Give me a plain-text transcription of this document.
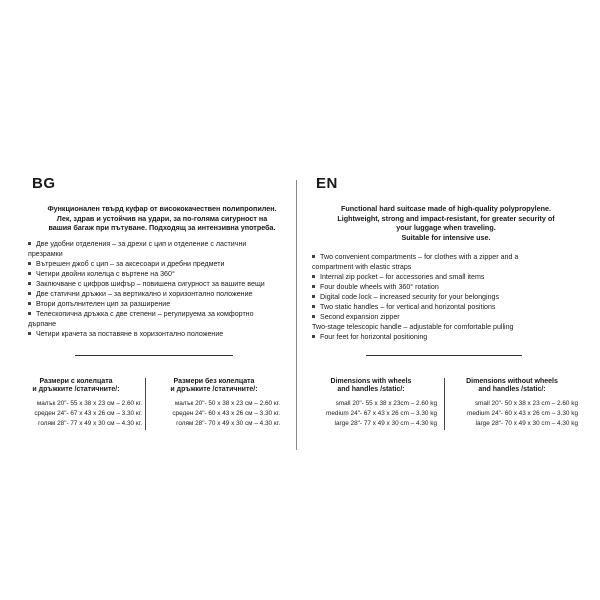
BG
Функционален твърд куфар от висококачествен полипропилен.
Лек, здрав и устойчив на удари, за по-голяма сигурност на
вашия багаж при пътуване. Подходящ за интензивна употреба.
Две удобни отделения – за дрехи с цип и отделение с ластични
презрамки
Вътрешен джоб с цип – за аксесоари и дребни предмети
Четири двойни колелца с въртене на 360°
Заключване с цифров шифър – повишена сигурност за вашите вещи
Две статични дръжки – за вертикално и хоризонтално положение
Втори допълнителен цип за разширение
Телескопична дръжка с две степени – регулируема за комфортно
дърпане
Четири крачета за поставяне в хоризонтално положение
Размери с колелцата
и дръжките /статичните/:
малък 20"- 55 x 38 x 23 см – 2.60 кг.
среден 24"- 67 x 43 x 26 см – 3.30 кг.
голям 28"- 77 x 49 x 30 см – 4.30 кг.
Размери без колелцата
и дръжките /статичните/:
малък 20"- 50 x 38 x 23 см – 2.60 кг.
среден 24"- 60 x 43 x 26 см – 3.30 кг.
голям 28"- 70 x 49 x 30 см – 4.30 кг.
EN
Functional hard suitcase made of high-quality polypropylene.
Lightweight, strong and impact-resistant, for greater security of
your luggage when traveling.
Suitable for intensive use.
Two convenient compartments – for clothes with a zipper and a
compartment with elastic straps
Internal zip pocket – for accessories and small items
Four double wheels with 360° rotation
Digital code lock – increased security for your belongings
Two static handles – for vertical and horizontal positions
Second expansion zipper
Two-stage telescopic handle – adjustable for comfortable pulling
Four feet for horizontal positioning
Dimensions with wheels
and handles /static/:
small 20"- 55 x 38 x 23cm – 2.60 kg
medium 24"- 67 x 43 x 26 cm – 3.30 kg
large 28"- 77 x 49 x 30 cm – 4.30 kg
Dimensions without wheels
and handles /static/:
small 20"- 50 x 38 x 23 cm – 2.60 kg
medium 24"- 60 x 43 x 26 cm – 3.30 kg
large 28"- 70 x 49 x 30 cm – 4.30 kg
